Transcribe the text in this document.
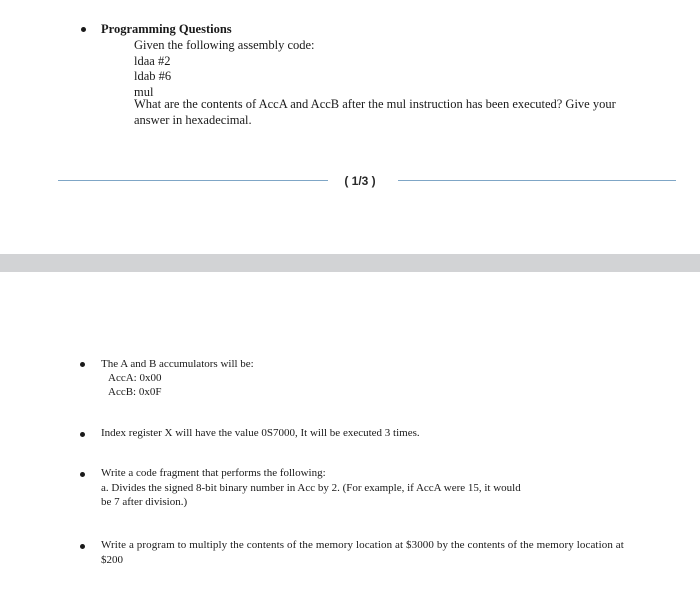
Programming Questions
Given the following assembly code:
ldaa #2
ldab #6
mul
What are the contents of AccA and AccB after the mul instruction has been executed? Give your
answer in hexadecimal.
( 1/3 )
The A and B accumulators will be:
AccA: 0x00
AccB: 0x0F
Index register X will have the value 0S7000, It will be executed 3 times.
Write a code fragment that performs the following:
a. Divides the signed 8-bit binary number in Acc by 2. (For example, if AccA were 15, it would
be 7 after division.)
Write a program to multiply the contents of the memory location at $3000 by the contents of the memory location at
$200
